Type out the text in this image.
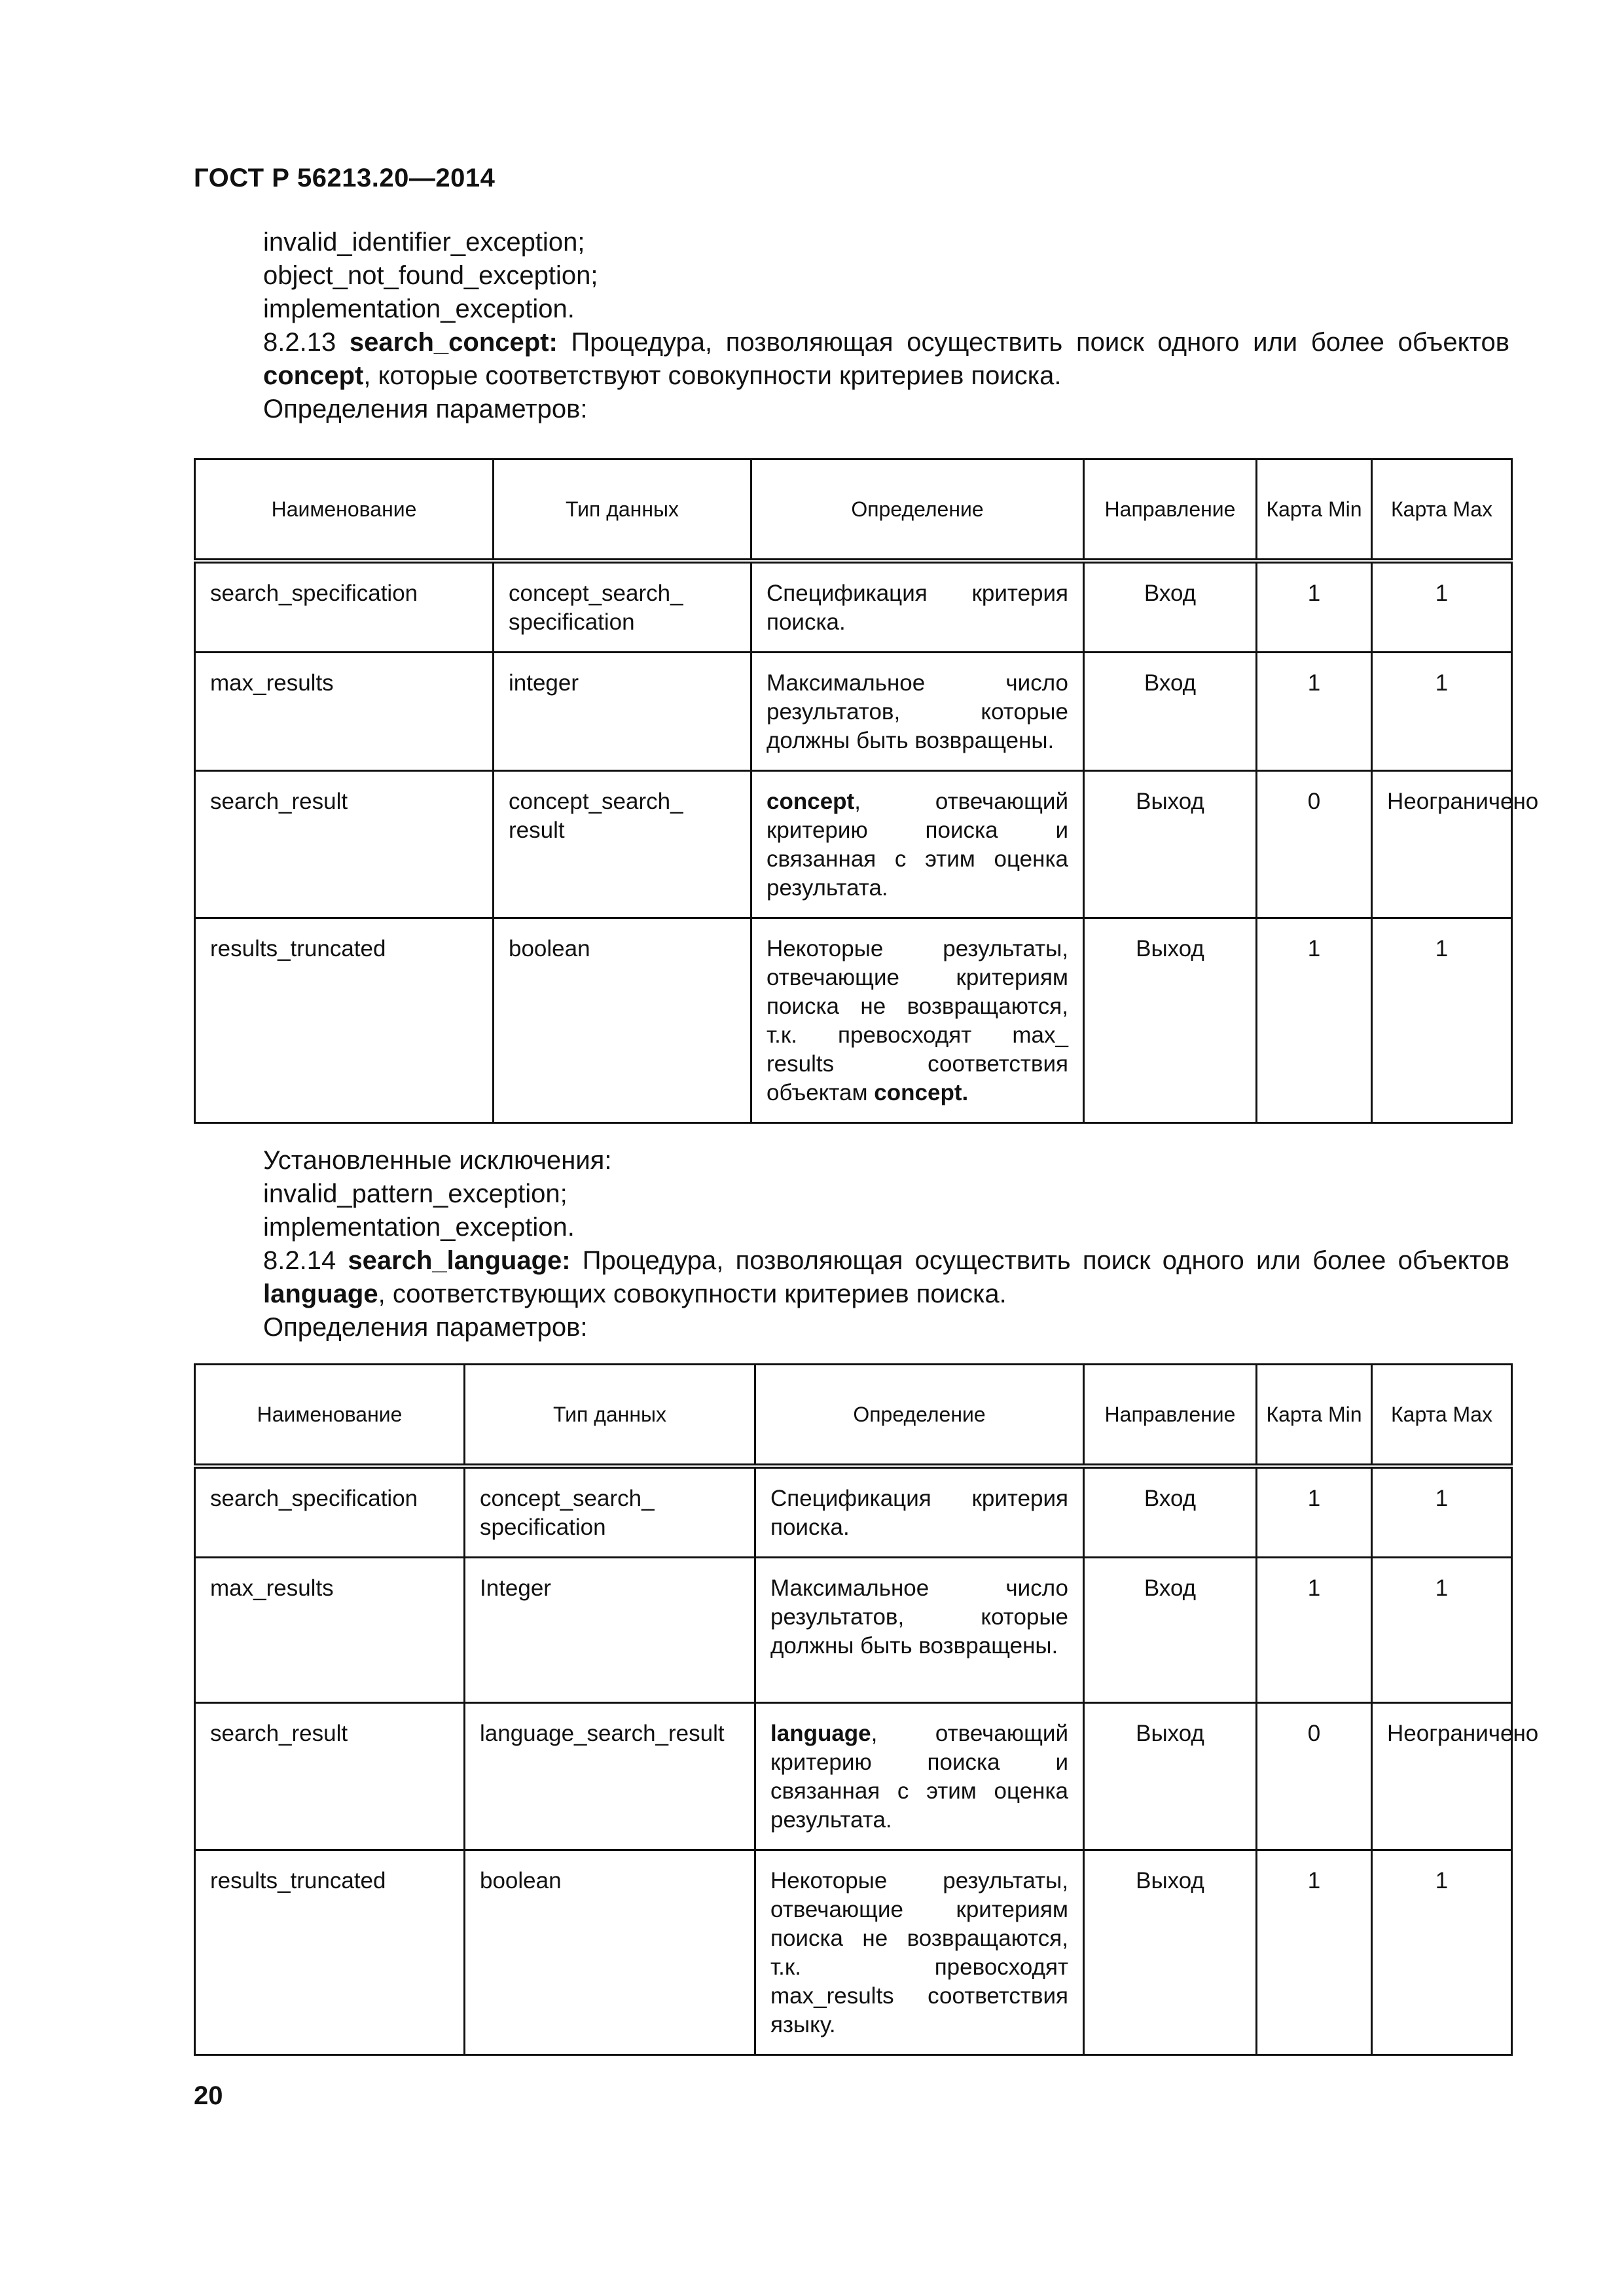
ГОСТ Р 56213.20—2014
invalid_identifier_exception;
object_not_found_exception;
implementation_exception.
8.2.13 search_concept: Процедура, позволяющая осуществить поиск одного или более объектов concept, которые соответствуют совокупности критериев поиска.
Определения параметров:
Наименование	Тип данных	Определение	Направление	Карта Min	Карта Max
search_specification	concept_search_ specification	Спецификация критерия поиска.	Вход	1	1
max_results	integer	Максимальное число результатов, которые должны быть возвращены.	Вход	1	1
search_result	concept_search_ result	concept, отвечающий критерию поиска и связанная с этим оценка результата.	Выход	0	Неограничено
results_truncated	boolean	Некоторые результаты, отвечающие критериям поиска не возвращаются, т.к. превосходят max_ results соответствия объектам concept.	Выход	1	1
Установленные исключения:
invalid_pattern_exception;
implementation_exception.
8.2.14 search_language: Процедура, позволяющая осуществить поиск одного или более объектов language, соответствующих совокупности критериев поиска.
Определения параметров:
Наименование	Тип данных	Определение	Направление	Карта Min	Карта Max
search_specification	concept_search_ specification	Спецификация критерия поиска.	Вход	1	1
max_results	Integer	Максимальное число результатов, которые должны быть возвращены.	Вход	1	1
search_result	language_search_result	language, отвечающий критерию поиска и связанная с этим оценка результата.	Выход	0	Неограничено
results_truncated	boolean	Некоторые результаты, отвечающие критериям поиска не возвращаются, т.к. превосходят max_results соответствия языку.	Выход	1	1
20
